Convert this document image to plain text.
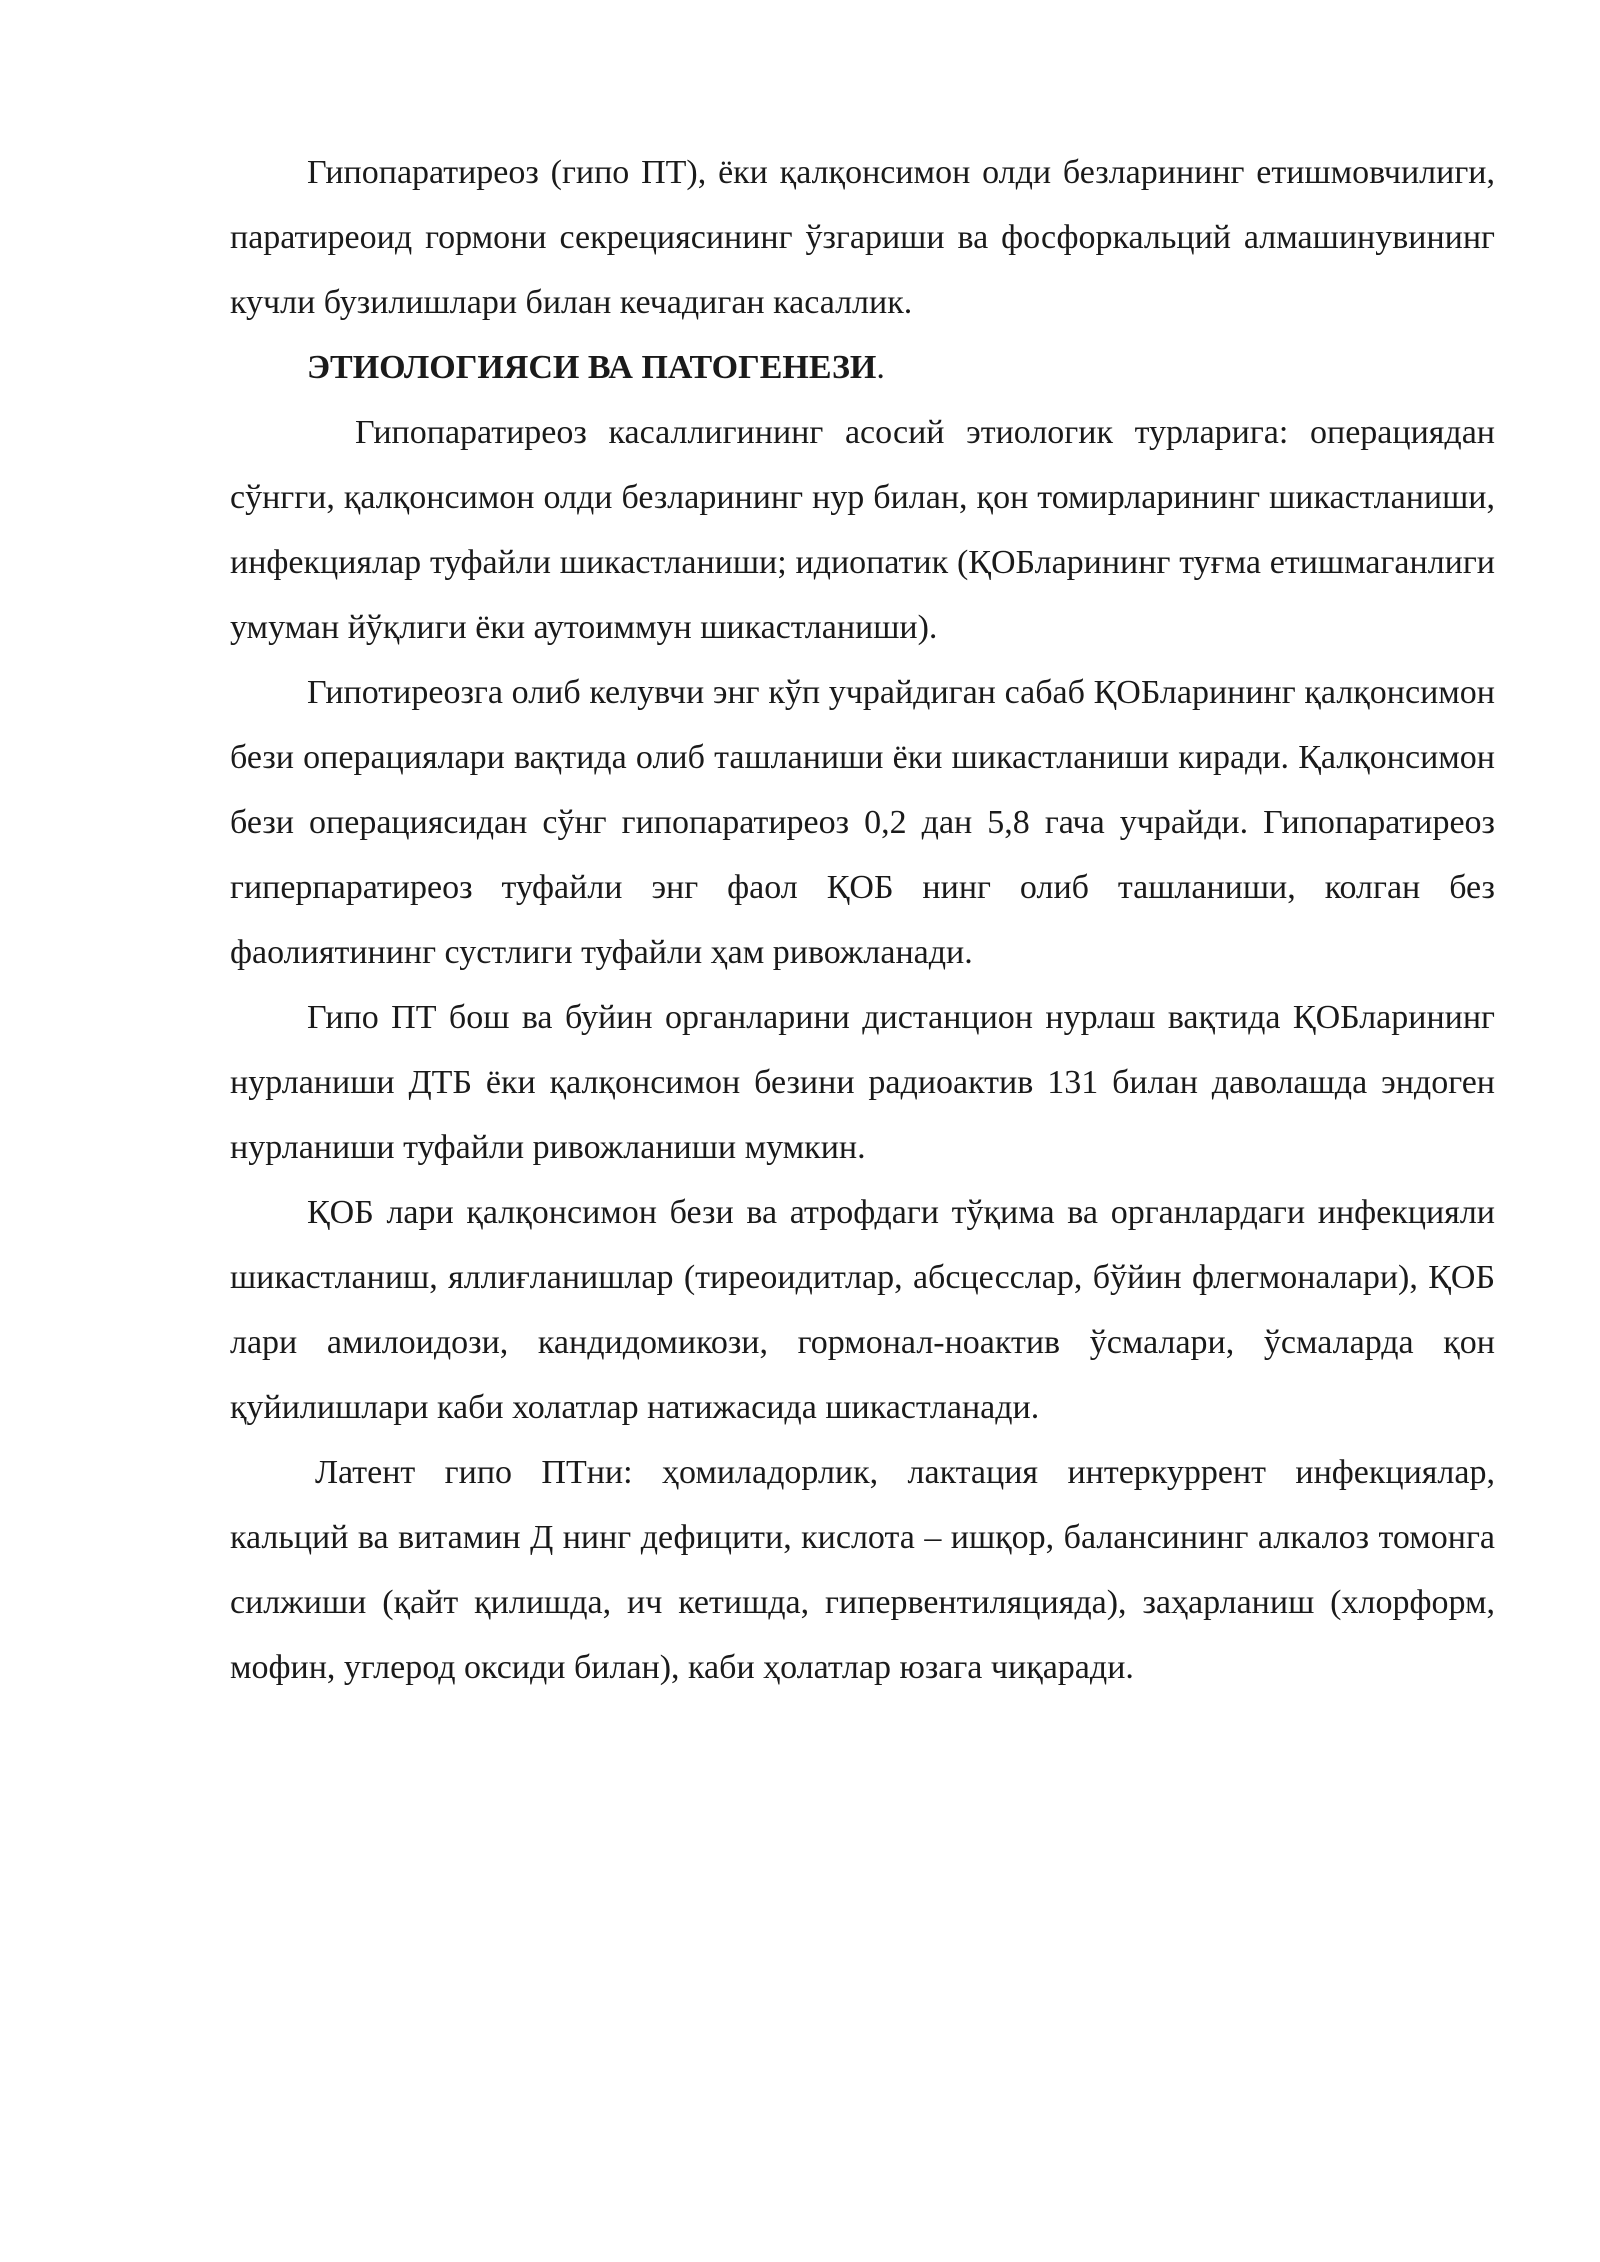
Гипопаратиреоз (гипо ПТ), ёки қалқонсимон олди безларининг етишмовчилиги, паратиреоид гормони секрециясининг ўзгариши ва фосфоркальций алмашинувининг кучли бузилишлари билан кечадиган касаллик.

ЭТИОЛОГИЯСИ ВА ПАТОГЕНЕЗИ.

Гипопаратиреоз касаллигининг асосий этиологик турларига: операциядан сўнгги, қалқонсимон олди безларининг нур билан, қон томирларининг шикастланиши, инфекциялар туфайли шикастланиши; идиопатик (ҚОБларининг туғма етишмаганлиги умуман йўқлиги ёки аутоиммун шикастланиши).

Гипотиреозга олиб келувчи энг кўп учрайдиган сабаб ҚОБларининг қалқонсимон бези операциялари вақтида олиб ташланиши ёки шикастланиши киради. Қалқонсимон бези операциясидан сўнг гипопаратиреоз 0,2 дан 5,8 гача учрайди. Гипопаратиреоз гиперпаратиреоз туфайли энг фаол ҚОБ нинг олиб ташланиши, колган без фаолиятининг сустлиги туфайли ҳам ривожланади.

Гипо ПТ бош ва буйин органларини дистанцион нурлаш вақтида ҚОБларининг нурланиши ДТБ ёки қалқонсимон безини радиоактив 131 билан даволашда эндоген нурланиши туфайли ривожланиши мумкин.

ҚОБ лари қалқонсимон бези ва атрофдаги тўқима ва органлардаги инфекцияли шикастланиш, яллиғланишлар (тиреоидитлар, абсцесслар, бўйин флегмоналари), ҚОБ лари амилоидози, кандидомикози, гормонал-ноактив ўсмалари, ўсмаларда қон қуйилишлари каби холатлар натижасида шикастланади.

Латент гипо ПТни: ҳомиладорлик, лактация интеркуррент инфекциялар, кальций ва витамин Д нинг дефицити, кислота – ишқор, балансининг алкалоз томонга силжиши (қайт қилишда, ич кетишда, гипервентиляцияда), заҳарланиш (хлорформ, мофин, углерод оксиди билан), каби ҳолатлар юзага чиқаради.
